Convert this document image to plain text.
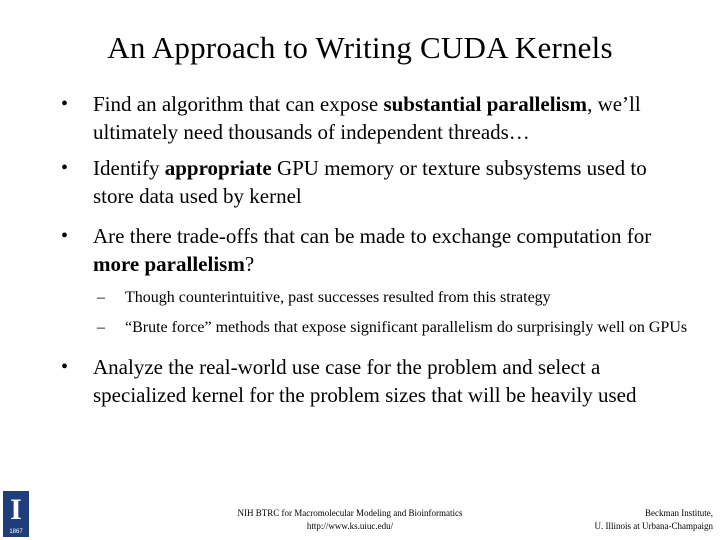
An Approach to Writing CUDA Kernels
• Find an algorithm that can expose substantial parallelism, we’ll ultimately need thousands of independent threads…
• Identify appropriate GPU memory or texture subsystems used to store data used by kernel
• Are there trade-offs that can be made to exchange computation for more parallelism?
– Though counterintuitive, past successes resulted from this strategy
– “Brute force” methods that expose significant parallelism do surprisingly well on GPUs
• Analyze the real-world use case for the problem and select a specialized kernel for the problem sizes that will be heavily used
I
1867
NIH BTRC for Macromolecular Modeling and Bioinformatics
http://www.ks.uiuc.edu/
Beckman Institute,
U. Illinois at Urbana-Champaign
